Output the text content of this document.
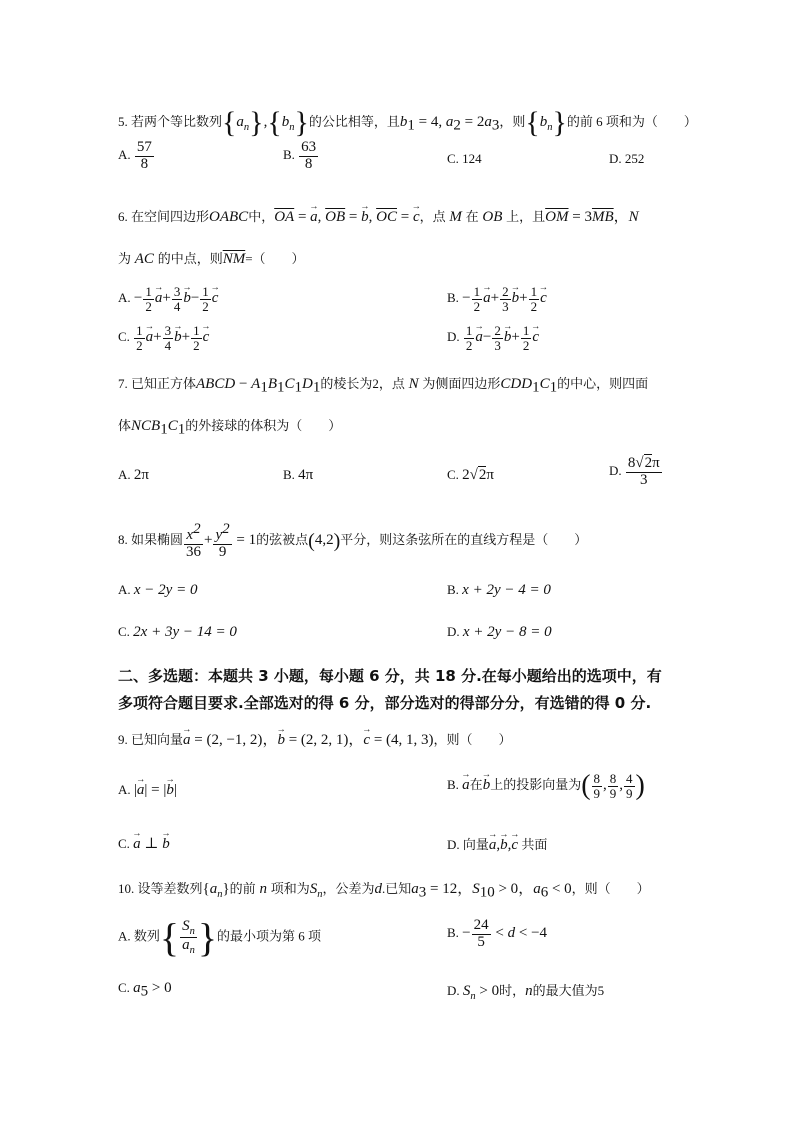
5. 若两个等比数列$\{a_n\},\{b_n\}$的公比相等，且$b_1 = 4$, $a_2 = 2a_3$，则$\{b_n\}$的前 6 项和为（　　）
A. $\frac{57}{8}$	B. $\frac{63}{8}$	C. 124	D. 252
6. 在空间四边形OABC中，$\overline{OA}$ = → a, $\overline{OB}$ = → b, $\overline{OC}$ = → c，点 M 在 OB 上，且$\overline{OM} = 3\overline{MB}$，N
为 AC 的中点，则$\overline{NM}=$（　　）
A. − $\frac{1}{2} \to a+ \frac{3}{4} \to b- \frac{1}{2} \to c$	B. − $\frac{1}{2} \to a+ \frac{2}{3} \to b+ \frac{1}{2} \to c$
C. $\frac{1}{2} \to a+ \frac{3}{4} \to b+ \frac{1}{2} \to c$	D. $\frac{1}{2} \to a- \frac{2}{3} \to b+ \frac{1}{2} \to c$
7. 已知正方体ABCD − $A_1B_1C_1D_1$的棱长为2，点 N 为侧面四边形$CDD_1C_1$的中心，则四面
体$NCB_1C_1$的外接球的体积为（　　）
A. 2π	B. 4π	C. 2√2π	D. $\frac{8√2\pi}{3}$
8. 如果椭圆 $\frac{x^2}{36} + \frac{y^2}{9} = 1$的弦被点(4,2)平分，则这条弦所在的直线方程是（　　）
A. x − 2y = 0	B. x + 2y − 4 = 0
C. 2x + 3y − 14 = 0	D. x + 2y − 8 = 0
二、多选题：本题共 3 小题，每小题 6 分，共 18 分.在每小题给出的选项中，有
多项符合题目要求.全部选对的得 6 分，部分选对的得部分分，有选错的得 0 分.
9. 已知向量→ a = (2, −1, 2)，→ b = (2, 2, 1)，→ c = (4, 1, 3)，则（　　）
A. |→ a| = |→ b|	B. → a在→ b上的投影向量为( $\frac{8}{9}$ , $\frac{8}{9}$ , $\frac{4}{9}$ )
C. → a ⊥ → b	D. 向量→ a,→ b,→ c 共面
10. 设等差数列$\{a_n\}$的前 n 项和为$S_n$，公差为d.已知$a_3 = 12$，$S_{10} > 0$，$a_6 < 0$，则（　　）
A. 数列{ $\frac{S_n}{a_n}$ }的最小项为第 6 项	B. − $\frac{24}{5} < d < -4$
C. $a_5 > 0$	D. $S_n > 0$时，n的最大值为5
